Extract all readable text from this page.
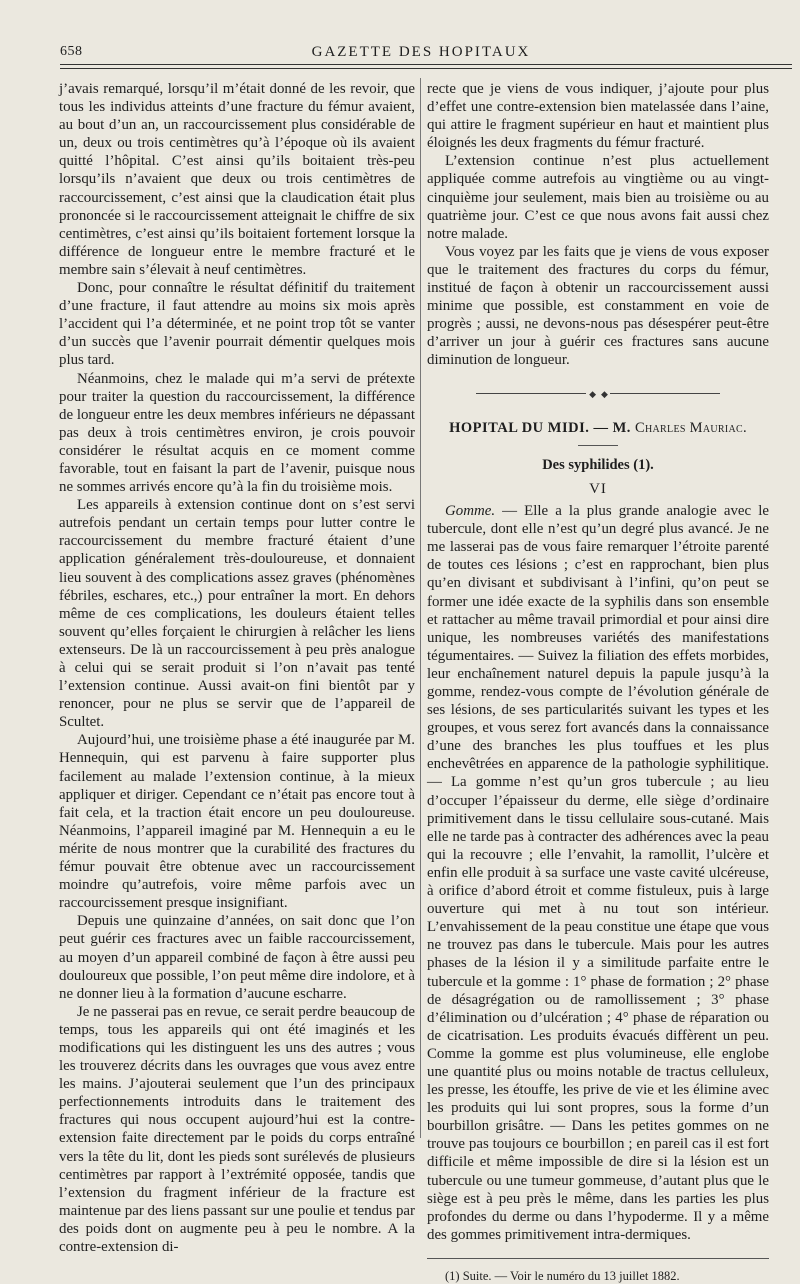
658	GAZETTE DES HOPITAUX

j’avais remarqué, lorsqu’il m’était donné de les revoir, que tous les individus atteints d’une fracture du fémur avaient, au bout d’un an, un raccourcissement plus considérable de un, deux ou trois centimètres qu’à l’époque où ils avaient quitté l’hôpital. C’est ainsi qu’ils boitaient très-peu lorsqu’ils n’avaient que deux ou trois centimètres de raccourcissement, c’est ainsi que la claudication était plus prononcée si le raccourcissement atteignait le chiffre de six centimètres, c’est ainsi qu’ils boitaient fortement lorsque la différence de longueur entre le membre fracturé et le membre sain s’élevait à neuf centimètres.

Donc, pour connaître le résultat définitif du traitement d’une fracture, il faut attendre au moins six mois après l’accident qui l’a déterminée, et ne point trop tôt se vanter d’un succès que l’avenir pourrait démentir quelques mois plus tard.

Néanmoins, chez le malade qui m’a servi de prétexte pour traiter la question du raccourcissement, la différence de longueur entre les deux membres inférieurs ne dépassant pas deux à trois centimètres environ, je crois pouvoir considérer le résultat acquis en ce moment comme favorable, tout en faisant la part de l’avenir, puisque nous ne sommes arrivés encore qu’à la fin du troisième mois.

Les appareils à extension continue dont on s’est servi autrefois pendant un certain temps pour lutter contre le raccourcissement du membre fracturé étaient d’une application généralement très-douloureuse, et donnaient lieu souvent à des complications assez graves (phénomènes fébriles, eschares, etc.,) pour entraîner la mort. En dehors même de ces complications, les douleurs étaient telles souvent qu’elles forçaient le chirurgien à relâcher les liens extenseurs. De là un raccourcissement à peu près analogue à celui qui se serait produit si l’on n’avait pas tenté l’extension continue. Aussi avait-on fini bientôt par y renoncer, pour ne plus se servir que de l’appareil de Scultet.

Aujourd’hui, une troisième phase a été inaugurée par M. Hennequin, qui est parvenu à faire supporter plus facilement au malade l’extension continue, à la mieux appliquer et diriger. Cependant ce n’était pas encore tout à fait cela, et la traction était encore un peu douloureuse. Néanmoins, l’appareil imaginé par M. Hennequin a eu le mérite de nous montrer que la curabilité des fractures du fémur pouvait être obtenue avec un raccourcissement moindre qu’autrefois, voire même parfois avec un raccourcissement presque insignifiant.

Depuis une quinzaine d’années, on sait donc que l’on peut guérir ces fractures avec un faible raccourcissement, au moyen d’un appareil combiné de façon à être aussi peu douloureux que possible, l’on peut même dire indolore, et à ne donner lieu à la formation d’aucune escharre.

Je ne passerai pas en revue, ce serait perdre beaucoup de temps, tous les appareils qui ont été imaginés et les modifications qui les distinguent les uns des autres ; vous les trouverez décrits dans les ouvrages que vous avez entre les mains. J’ajouterai seulement que l’un des principaux perfectionnements introduits dans le traitement des fractures qui nous occupent aujourd’hui est la contre-extension faite directement par le poids du corps entraîné vers la tête du lit, dont les pieds sont surélevés de plusieurs centimètres par rapport à l’extrémité opposée, tandis que l’extension du fragment inférieur de la fracture est maintenue par des liens passant sur une poulie et tendus par des poids dont on augmente peu à peu le nombre. A la contre-extension di-

recte que je viens de vous indiquer, j’ajoute pour plus d’effet une contre-extension bien matelassée dans l’aine, qui attire le fragment supérieur en haut et maintient plus éloignés les deux fragments du fémur fracturé.

L’extension continue n’est plus actuellement appliquée comme autrefois au vingtième ou au vingt-cinquième jour seulement, mais bien au troisième ou au quatrième jour. C’est ce que nous avons fait aussi chez notre malade.

Vous voyez par les faits que je viens de vous exposer que le traitement des fractures du corps du fémur, institué de façon à obtenir un raccourcissement aussi minime que possible, est constamment en voie de progrès ; aussi, ne devons-nous pas désespérer peut-être d’arriver un jour à guérir ces fractures sans aucune diminution de longueur.

◆ ◆
HOPITAL DU MIDI. — M. Charles Mauriac.
Des syphilides (1).
VI

Gomme. — Elle a la plus grande analogie avec le tubercule, dont elle n’est qu’un degré plus avancé. Je ne me lasserai pas de vous faire remarquer l’étroite parenté de toutes ces lésions ; c’est en rapprochant, bien plus qu’en divisant et subdivisant à l’infini, qu’on peut se former une idée exacte de la syphilis dans son ensemble et rattacher au même travail primordial et pour ainsi dire unique, les nombreuses variétés des manifestations tégumentaires. — Suivez la filiation des effets morbides, leur enchaînement naturel depuis la papule jusqu’à la gomme, rendez-vous compte de l’évolution générale de ses lésions, de ses particularités suivant les types et les groupes, et vous serez fort avancés dans la connaissance d’une des branches les plus touffues et les plus enchevêtrées en apparence de la pathologie syphilitique. — La gomme n’est qu’un gros tubercule ; au lieu d’occuper l’épaisseur du derme, elle siège d’ordinaire primitivement dans le tissu cellulaire sous-cutané. Mais elle ne tarde pas à contracter des adhérences avec la peau qui la recouvre ; elle l’envahit, la ramollit, l’ulcère et enfin elle produit à sa surface une vaste cavité ulcéreuse, à orifice d’abord étroit et comme fistuleux, puis à large ouverture qui met à nu tout son intérieur. L’envahissement de la peau constitue une étape que vous ne trouvez pas dans le tubercule. Mais pour les autres phases de la lésion il y a similitude parfaite entre le tubercule et la gomme : 1° phase de formation ; 2° phase de désagrégation ou de ramollissement ; 3° phase d’élimination ou d’ulcération ; 4° phase de réparation ou de cicatrisation. Les produits évacués diffèrent un peu. Comme la gomme est plus volumineuse, elle englobe une quantité plus ou moins notable de tractus celluleux, les presse, les étouffe, les prive de vie et les élimine avec les produits qui lui sont propres, sous la forme d’un bourbillon grisâtre. — Dans les petites gommes on ne trouve pas toujours ce bourbillon ; en pareil cas il est fort difficile et même impossible de dire si la lésion est un tubercule ou une tumeur gommeuse, d’autant plus que le siège est à peu près le même, dans les parties les plus profondes du derme ou dans l’hypoderme. Il y a même des gommes primitivement intra-dermiques.

(1) Suite. — Voir le numéro du 13 juillet 1882.
